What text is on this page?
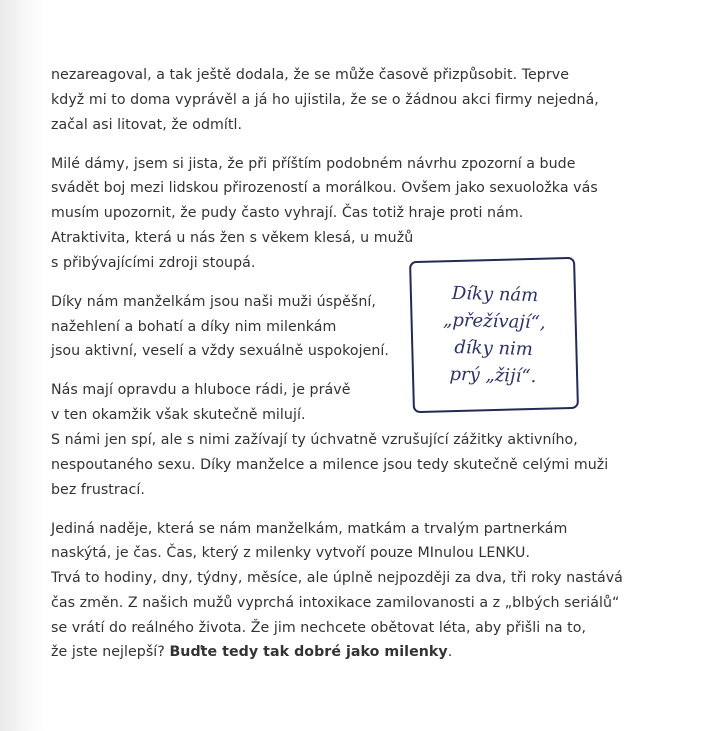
nezareagoval, a tak ještě dodala, že se může časově přizpůsobit. Teprve
když mi to doma vyprávěl a já ho ujistila, že se o žádnou akci firmy nejedná,
začal asi litovat, že odmítl.

Milé dámy, jsem si jista, že při příštím podobném návrhu zpozorní a bude
svádět boj mezi lidskou přirozeností a morálkou. Ovšem jako sexuoložka vás
musím upozornit, že pudy často vyhrají. Čas totiž hraje proti nám.
Atraktivita, která u nás žen s věkem klesá, u mužů
s přibývajícími zdroji stoupá.

Díky nám manželkám jsou naši muži úspěšní,
nažehlení a bohatí a díky nim milenkám
jsou aktivní, veselí a vždy sexuálně uspokojení.

Nás mají opravdu a hluboce rádi, je právě
v ten okamžik však skutečně milují.
S námi jen spí, ale s nimi zažívají ty úchvatně vzrušující zážitky aktivního,
nespoutaného sexu. Díky manželce a milence jsou tedy skutečně celými muži
bez frustrací.

Jediná naděje, která se nám manželkám, matkám a trvalým partnerkám
naskýtá, je čas. Čas, který z milenky vytvoří pouze MInulou LENKU.
Trvá to hodiny, dny, týdny, měsíce, ale úplně nejpozději za dva, tři roky nastává
čas změn. Z našich mužů vyprchá intoxikace zamilovanosti a z „blbých seriálů“
se vrátí do reálného života. Že jim nechcete obětovat léta, aby přišli na to,
že jste nejlepší? Buďte tedy tak dobré jako milenky.

Díky nám
„přežívají“,
díky nim
prý „žijí“.
